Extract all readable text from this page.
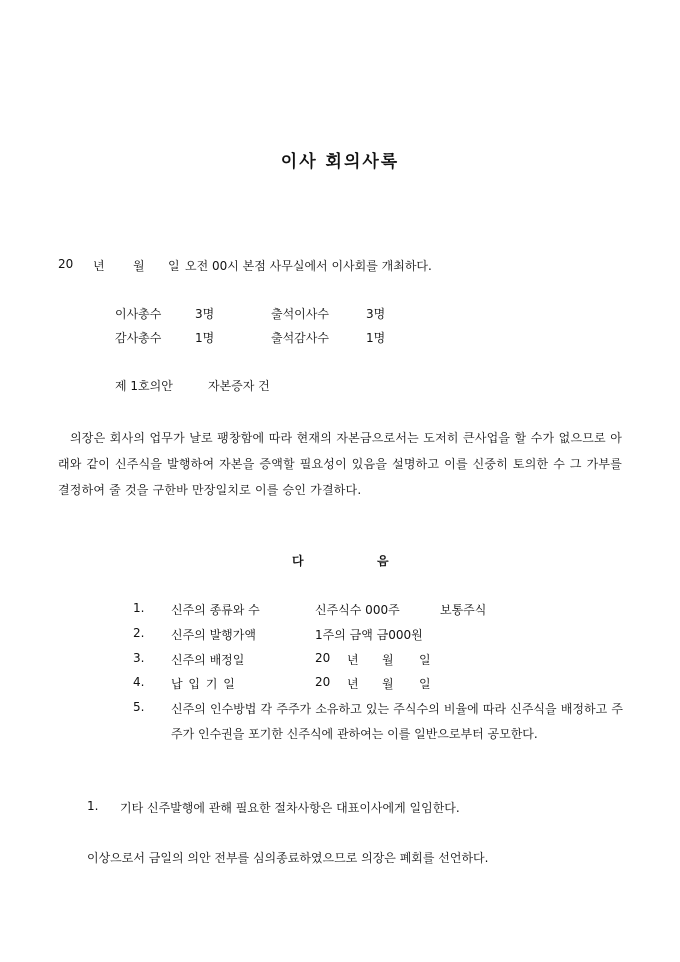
이사 회의사록
20 년 월 일 오전 00시 본점 사무실에서 이사회를 개최하다.
이사총수	3명	출석이사수	3명
감사총수	1명	출석감사수	1명
제 1호의안	자본증자 건
의장은 회사의 업무가 날로 팽창함에 따라 현재의 자본금으로서는 도저히 큰사업을 할 수가 없으므로 아래와 같이 신주식을 발행하여 자본을 증액할 필요성이 있음을 설명하고 이를 신중히 토의한 수 그 가부를 결정하여 줄 것을 구한바 만장일치로 이를 승인 가결하다.
다	음
1. 신주의 종류와 수	신주식수 000주	보통주식
2. 신주의 발행가액	1주의 금액 금000원
3. 신주의 배정일	20 년 월 일
4. 납 입 기 일	20 년 월 일
5. 신주의 인수방법 각 주주가 소유하고 있는 주식수의 비율에 따라 신주식을 배정하고 주주가 인수권을 포기한 신주식에 관하여는 이를 일반으로부터 공모한다.
1. 기타 신주발행에 관해 필요한 절차사항은 대표이사에게 일임한다.
이상으로서 금일의 의안 전부를 심의종료하였으므로 의장은 폐회를 선언하다.
